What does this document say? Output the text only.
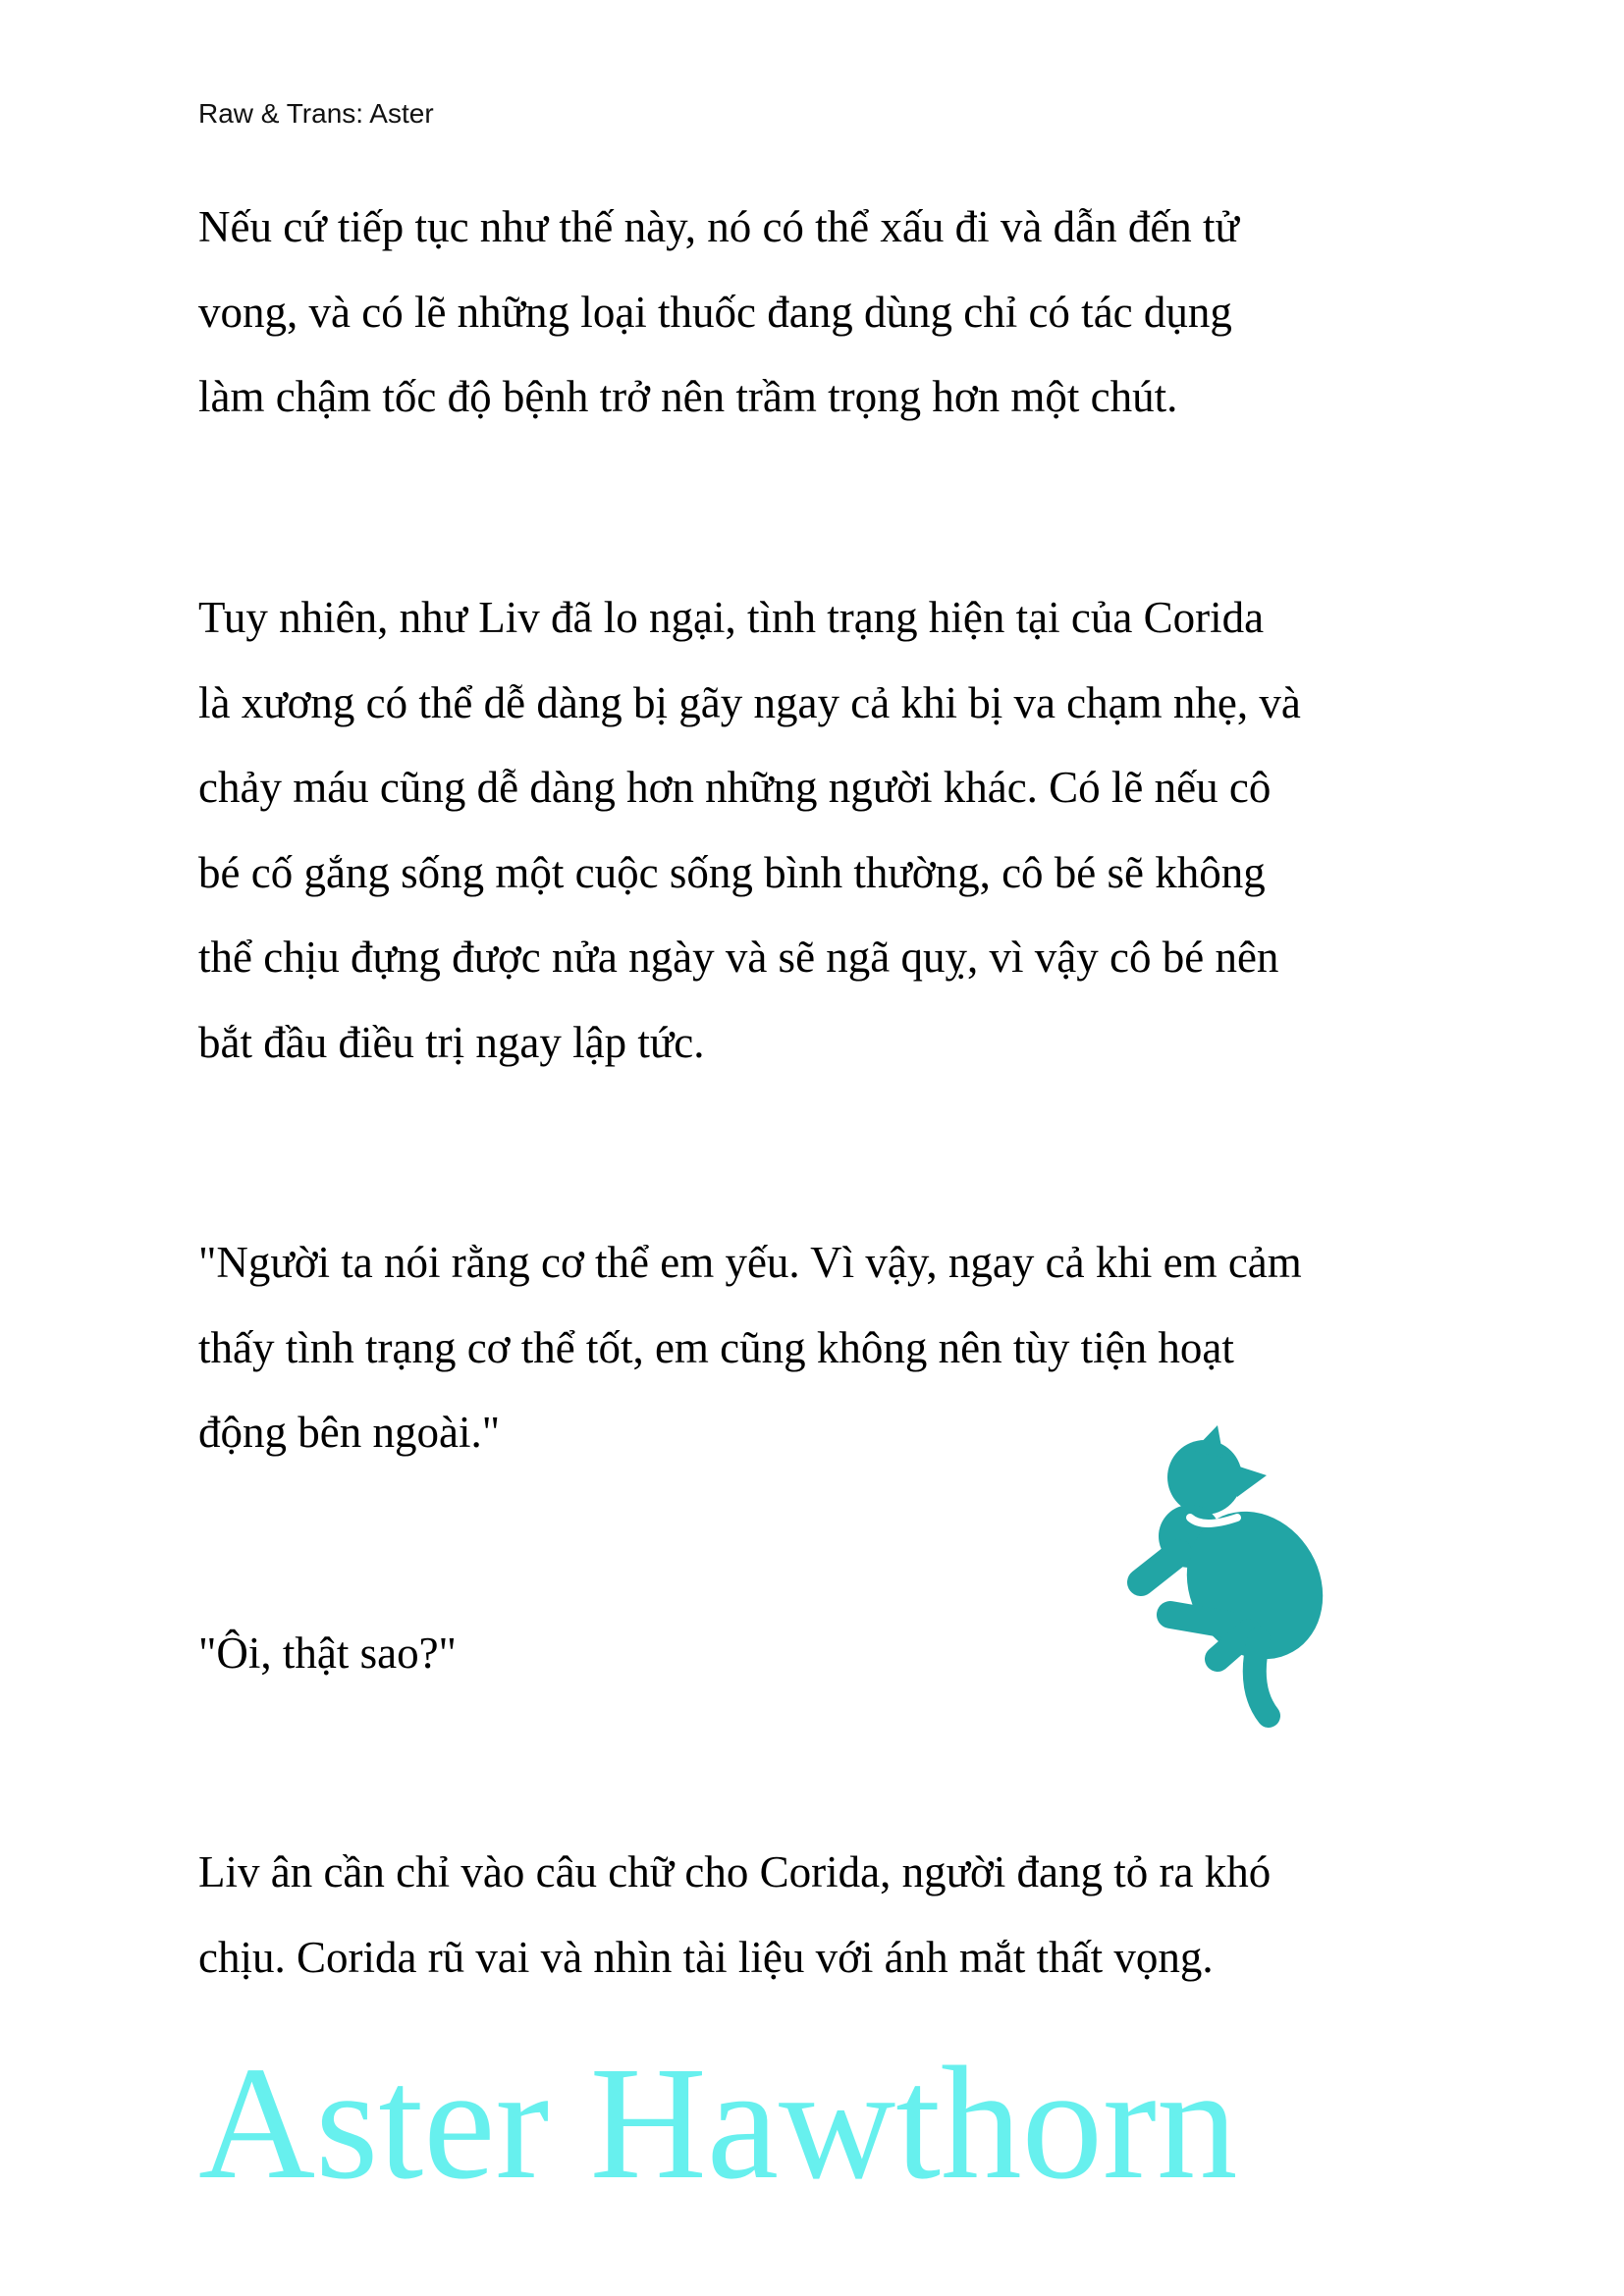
Raw & Trans: Aster
Nếu cứ tiếp tục như thế này, nó có thể xấu đi và dẫn đến tử
vong, và có lẽ những loại thuốc đang dùng chỉ có tác dụng
làm chậm tốc độ bệnh trở nên trầm trọng hơn một chút.
Tuy nhiên, như Liv đã lo ngại, tình trạng hiện tại của Corida
là xương có thể dễ dàng bị gãy ngay cả khi bị va chạm nhẹ, và
chảy máu cũng dễ dàng hơn những người khác. Có lẽ nếu cô
bé cố gắng sống một cuộc sống bình thường, cô bé sẽ không
thể chịu đựng được nửa ngày và sẽ ngã quỵ, vì vậy cô bé nên
bắt đầu điều trị ngay lập tức.
"Người ta nói rằng cơ thể em yếu. Vì vậy, ngay cả khi em cảm
thấy tình trạng cơ thể tốt, em cũng không nên tùy tiện hoạt
động bên ngoài."
"Ôi, thật sao?"
Liv ân cần chỉ vào câu chữ cho Corida, người đang tỏ ra khó
chịu. Corida rũ vai và nhìn tài liệu với ánh mắt thất vọng.
Aster Hawthorn
